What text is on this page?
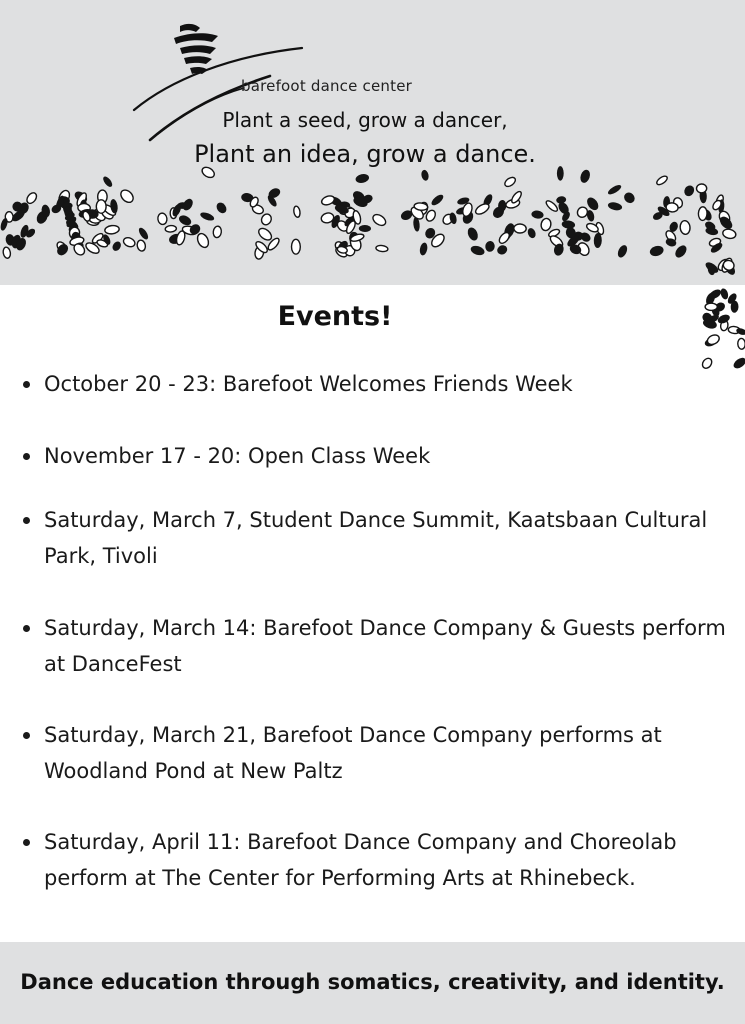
barefoot dance center
Plant a seed, grow a dancer,
Plant an idea, grow a dance.
Events!
October 20 - 23: Barefoot Welcomes Friends Week
November 17 - 20: Open Class Week
Saturday, March 7, Student Dance Summit, Kaatsbaan Cultural Park, Tivoli
Saturday, March 14: Barefoot Dance Company & Guests perform at DanceFest
Saturday, March 21, Barefoot Dance Company performs at Woodland Pond at New Paltz
Saturday, April 11: Barefoot Dance Company and Choreolab perform at The Center for Performing Arts at Rhinebeck.
Dance education through somatics, creativity, and identity.
